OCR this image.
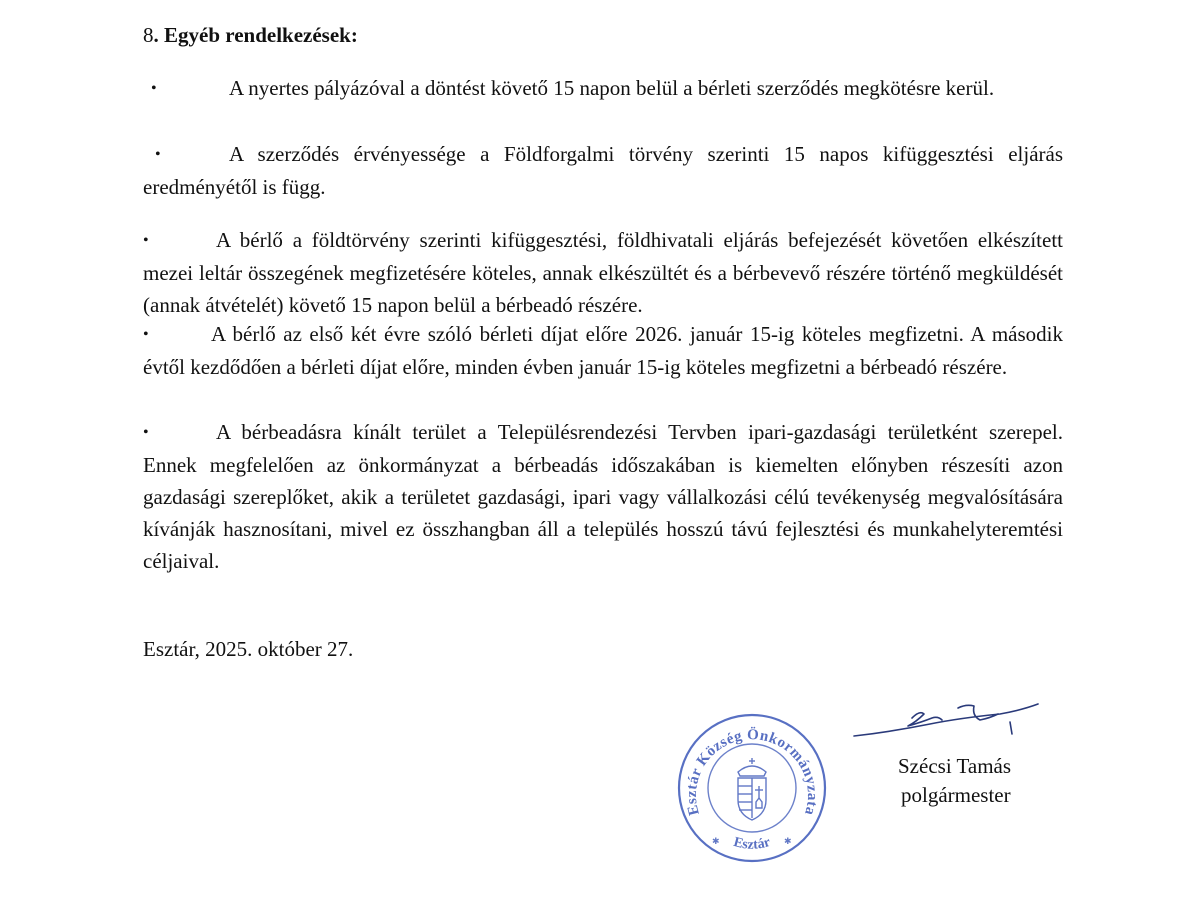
8. Egyéb rendelkezések:

•	A nyertes pályázóval a döntést követő 15 napon belül a bérleti szerződés megkötésre kerül.

•	A szerződés érvényessége a Földforgalmi törvény szerinti 15 napos kifüggesztési eljárás eredményétől is függ.

•	A bérlő a földtörvény szerinti kifüggesztési, földhivatali eljárás befejezését követően elkészített mezei leltár összegének megfizetésére köteles, annak elkészültét és a bérbevevő részére történő megküldését (annak átvételét) követő 15 napon belül a bérbeadó részére.

•	A bérlő az első két évre szóló bérleti díjat előre 2026. január 15-ig köteles megfizetni. A második évtől kezdődően a bérleti díjat előre, minden évben január 15-ig köteles megfizetni a bérbeadó részére.

•	A bérbeadásra kínált terület a Településrendezési Tervben ipari-gazdasági területként szerepel. Ennek megfelelően az önkormányzat a bérbeadás időszakában is kiemelten előnyben részesíti azon gazdasági szereplőket, akik a területet gazdasági, ipari vagy vállalkozási célú tevékenység megvalósítására kívánják hasznosítani, mivel ez összhangban áll a település hosszú távú fejlesztési és munkahelyteremtési céljaival.

Esztár, 2025. október 27.
Esztár Község Önkormányzata
Esztár
✱	✱
Szécsi Tamás
polgármester
